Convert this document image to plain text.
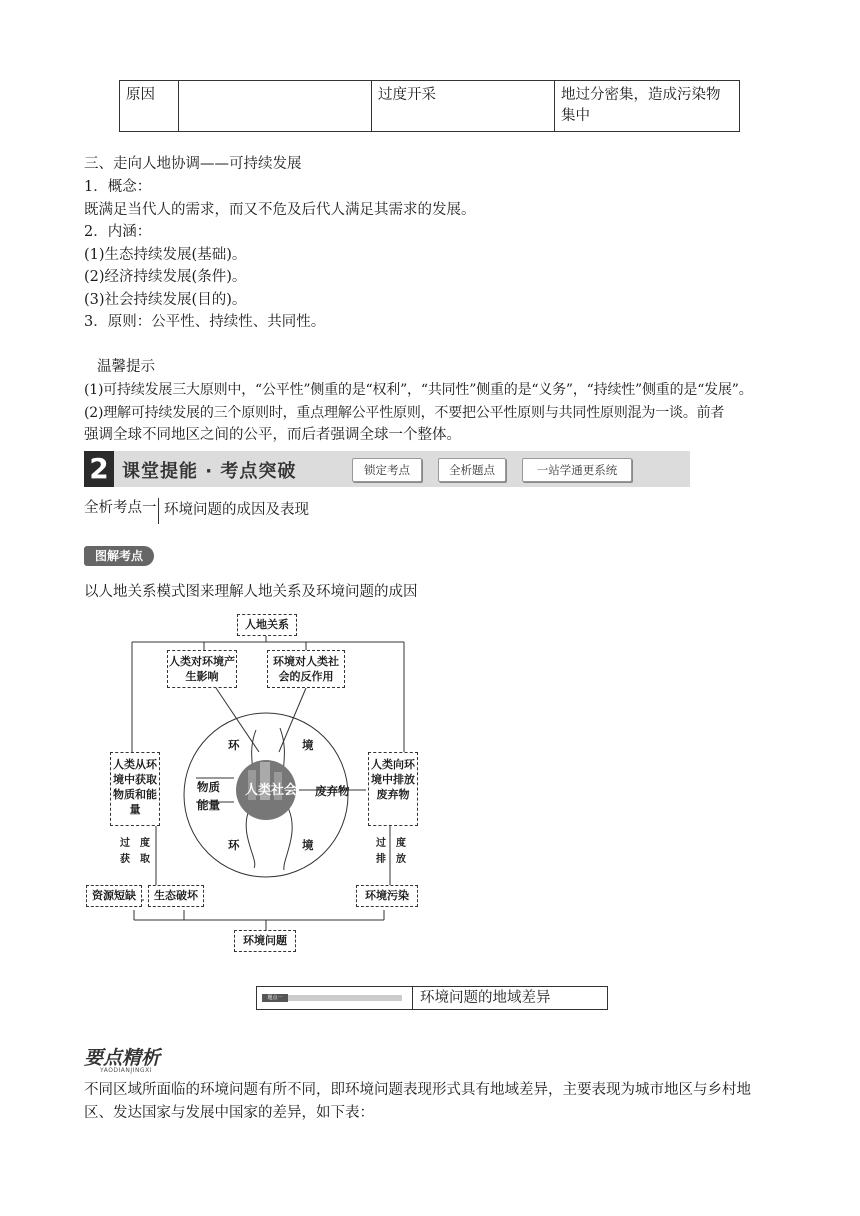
原因		过度开采	地过分密集，造成污染物集中
三、走向人地协调——可持续发展
1．概念：
既满足当代人的需求，而又不危及后代人满足其需求的发展。
2．内涵：
(1)生态持续发展(基础)。
(2)经济持续发展(条件)。
(3)社会持续发展(目的)。
3．原则：公平性、持续性、共同性。
温馨提示
(1)可持续发展三大原则中，“公平性”侧重的是“权利”，“共同性”侧重的是“义务”，“持续性”侧重的是“发展”。
(2)理解可持续发展的三个原则时，重点理解公平性原则，不要把公平性原则与共同性原则混为一谈。前者
强调全球不同地区之间的公平，而后者强调全球一个整体。
2 课堂提能 · 考点突破	锁定考点	全析题点	一站学通更系统
全析考点一 环境问题的成因及表现
图解考点
以人地关系模式图来理解人地关系及环境问题的成因
人地关系
人类对环境产生影响
环境对人类社会的反作用
人类从环境中获取物质和能量
人类向环境中排放废弃物
环	境
环	境
物质能量
人类社会 废弃物
过度获取
过度排放
资源短缺	生态破坏	环境污染
环境问题
题点一	环境问题的地域差异
要点精析
YAODIANJINGXI
不同区域所面临的环境问题有所不同，即环境问题表现形式具有地域差异，主要表现为城市地区与乡村地
区、发达国家与发展中国家的差异，如下表：
